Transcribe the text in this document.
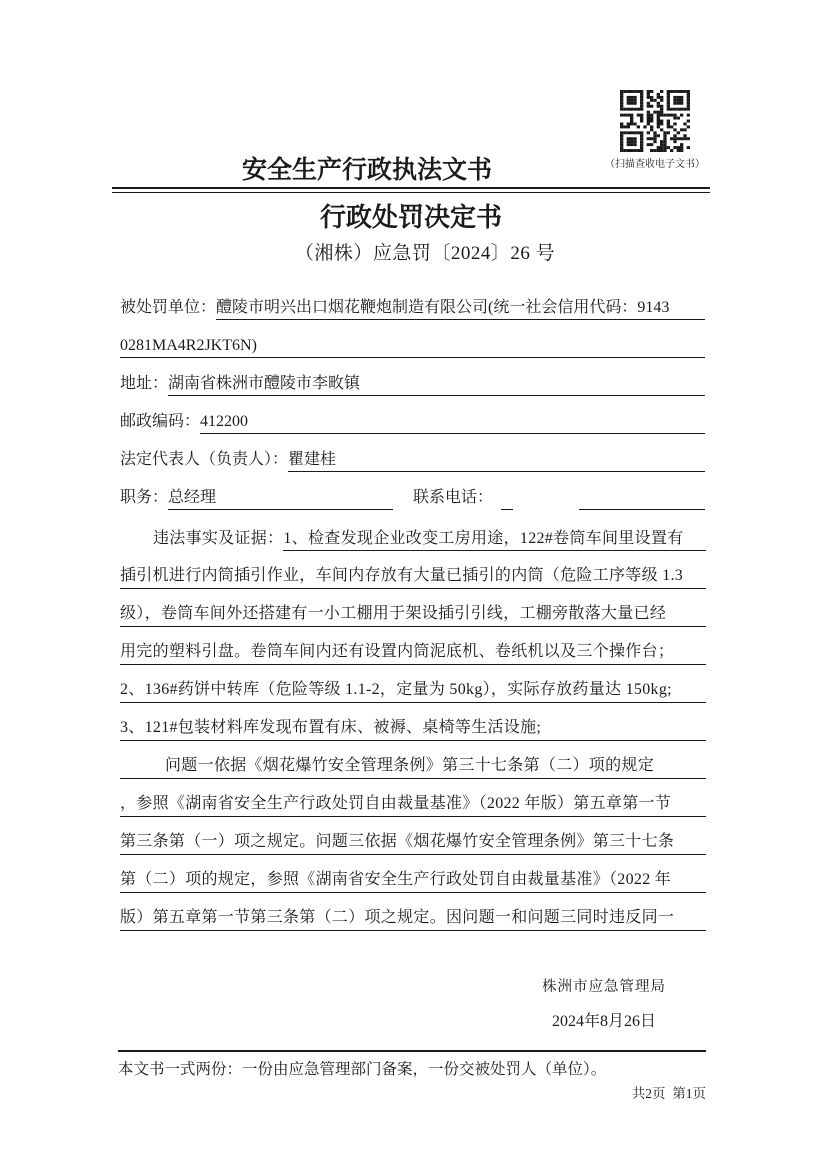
（扫描查收电子文书）
安全生产行政执法文书
行政处罚决定书
（湘株）应急罚〔2024〕26 号
被处罚单位： 醴陵市明兴出口烟花鞭炮制造有限公司(统一社会信用代码：9143
0281MA4R2JKT6N)
地址： 湖南省株洲市醴陵市李畋镇
邮政编码： 412200
法定代表人（负责人）： 瞿建桂
职务： 总经理	联系电话：
违法事实及证据： 1、检查发现企业改变工房用途，122#卷筒车间里设置有
插引机进行内筒插引作业，车间内存放有大量已插引的内筒（危险工序等级 1.3
级），卷筒车间外还搭建有一小工棚用于架设插引引线，工棚旁散落大量已经
用完的塑料引盘。卷筒车间内还有设置内筒泥底机、卷纸机以及三个操作台；
2、136#药饼中转库（危险等级 1.1-2，定量为 50kg），实际存放药量达 150kg;
3、121#包装材料库发现布置有床、被褥、桌椅等生活设施;
问题一依据《烟花爆竹安全管理条例》第三十七条第（二）项的规定
，参照《湖南省安全生产行政处罚自由裁量基准》（2022 年版）第五章第一节
第三条第（一）项之规定。问题三依据《烟花爆竹安全管理条例》第三十七条
第（二）项的规定，参照《湖南省安全生产行政处罚自由裁量基准》（2022 年
版）第五章第一节第三条第（二）项之规定。因问题一和问题三同时违反同一
株洲市应急管理局
2024年8月26日
本文书一式两份：一份由应急管理部门备案，一份交被处罚人（单位）。
共2页  第1页
